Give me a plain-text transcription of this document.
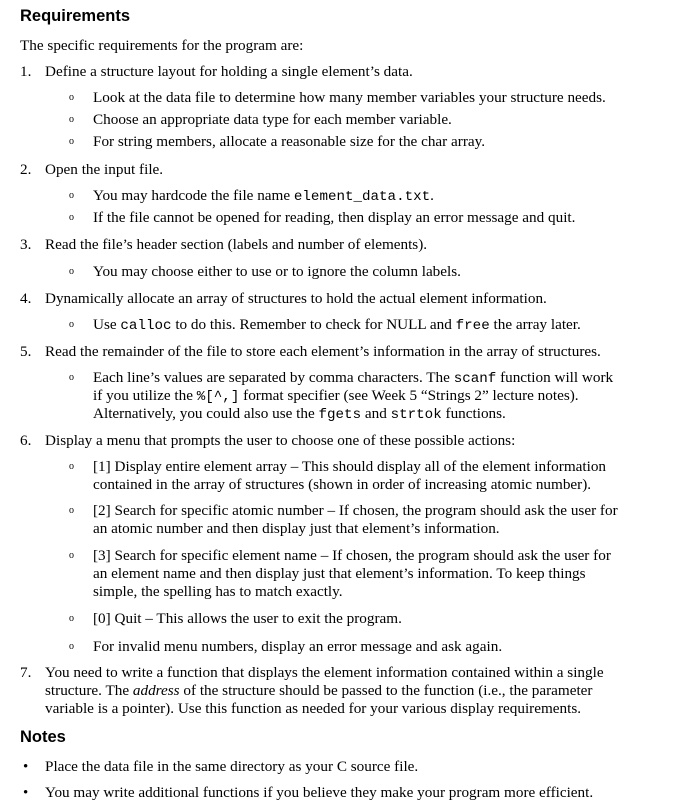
Requirements
The specific requirements for the program are:
1. Define a structure layout for holding a single element’s data.
o Look at the data file to determine how many member variables your structure needs.
o Choose an appropriate data type for each member variable.
o For string members, allocate a reasonable size for the char array.
2. Open the input file.
o You may hardcode the file name element_data.txt.
o If the file cannot be opened for reading, then display an error message and quit.
3. Read the file’s header section (labels and number of elements).
o You may choose either to use or to ignore the column labels.
4. Dynamically allocate an array of structures to hold the actual element information.
o Use calloc to do this. Remember to check for NULL and free the array later.
5. Read the remainder of the file to store each element’s information in the array of structures.
o Each line’s values are separated by comma characters. The scanf function will work
if you utilize the %[^,] format specifier (see Week 5 “Strings 2” lecture notes).
Alternatively, you could also use the fgets and strtok functions.
6. Display a menu that prompts the user to choose one of these possible actions:
o [1] Display entire element array – This should display all of the element information
contained in the array of structures (shown in order of increasing atomic number).
o [2] Search for specific atomic number – If chosen, the program should ask the user for
an atomic number and then display just that element’s information.
o [3] Search for specific element name – If chosen, the program should ask the user for
an element name and then display just that element’s information. To keep things
simple, the spelling has to match exactly.
o [0] Quit – This allows the user to exit the program.
o For invalid menu numbers, display an error message and ask again.
7. You need to write a function that displays the element information contained within a single
structure. The address of the structure should be passed to the function (i.e., the parameter
variable is a pointer). Use this function as needed for your various display requirements.
Notes
• Place the data file in the same directory as your C source file.
• You may write additional functions if you believe they make your program more efficient.
